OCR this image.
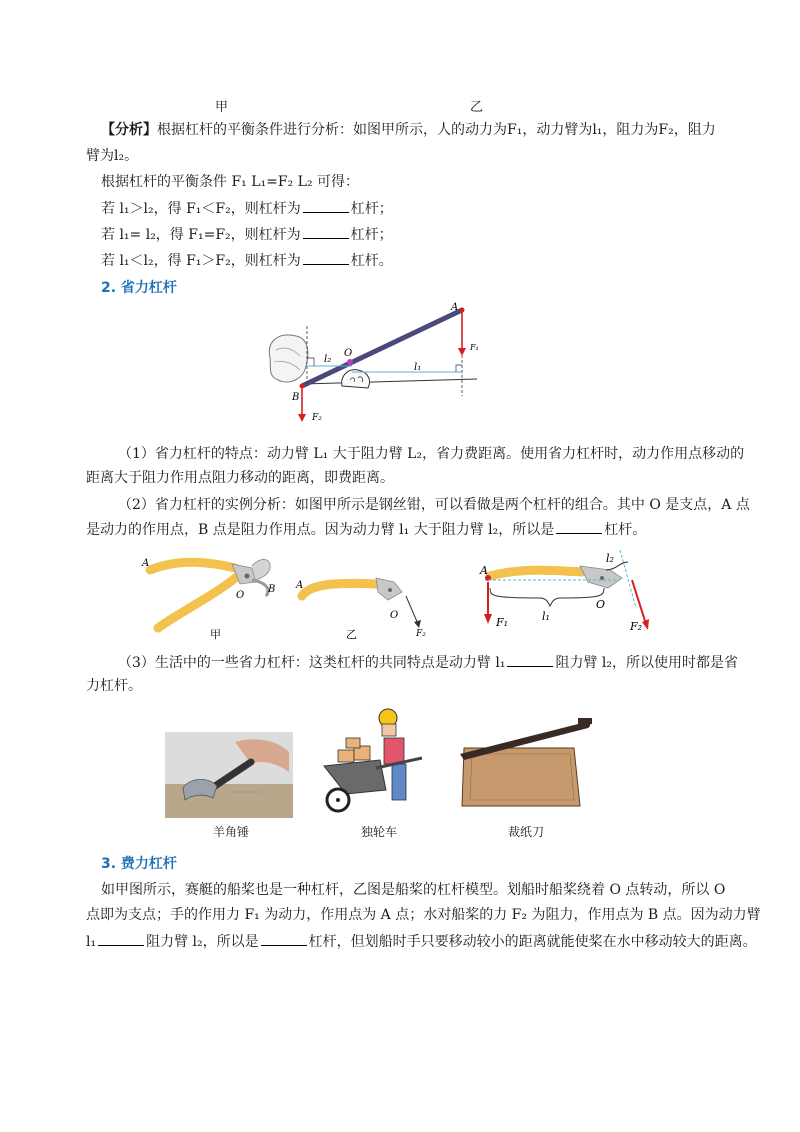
甲	乙
【分析】根据杠杆的平衡条件进行分析：如图甲所示，人的动力为F₁，动力臂为l₁，阻力为F₂，阻力
臂为l₂。
根据杠杆的平衡条件 F₁ L₁=F₂ L₂ 可得：
若 l₁＞l₂，得 F₁＜F₂，则杠杆为	杠杆；
若 l₁= l₂，得 F₁=F₂，则杠杆为	杠杆；
若 l₁＜l₂，得 F₁＞F₂，则杠杆为	杠杆。
2. 省力杠杆
A
B
O
F₁
F₂
l₁
l₂
（1）省力杠杆的特点：动力臂 L₁ 大于阻力臂 L₂，省力费距离。使用省力杠杆时，动力作用点移动的
距离大于阻力作用点阻力移动的距离，即费距离。
（2）省力杠杆的实例分析：如图甲所示是钢丝钳，可以看做是两个杠杆的组合。其中 O 是支点，A 点
是动力的作用点，B 点是阻力作用点。因为动力臂 l₁ 大于阻力臂 l₂，所以是	杠杆。
A
O
B
甲
A
O
F₂
乙
A
F₁	l₁
O
l₂
F₂
（3）生活中的一些省力杠杆：这类杠杆的共同特点是动力臂 l₁	阻力臂 l₂，所以使用时都是省
力杠杆。
羊角锤	独轮车	裁纸刀
3. 费力杠杆
如甲图所示，赛艇的船桨也是一种杠杆，乙图是船桨的杠杆模型。划船时船桨绕着 O 点转动，所以 O
点即为支点；手的作用力 F₁ 为动力，作用点为 A 点；水对船桨的力 F₂ 为阻力，作用点为 B 点。因为动力臂
l₁	阻力臂 l₂，所以是	杠杆，但划船时手只要移动较小的距离就能使桨在水中移动较大的距离。
